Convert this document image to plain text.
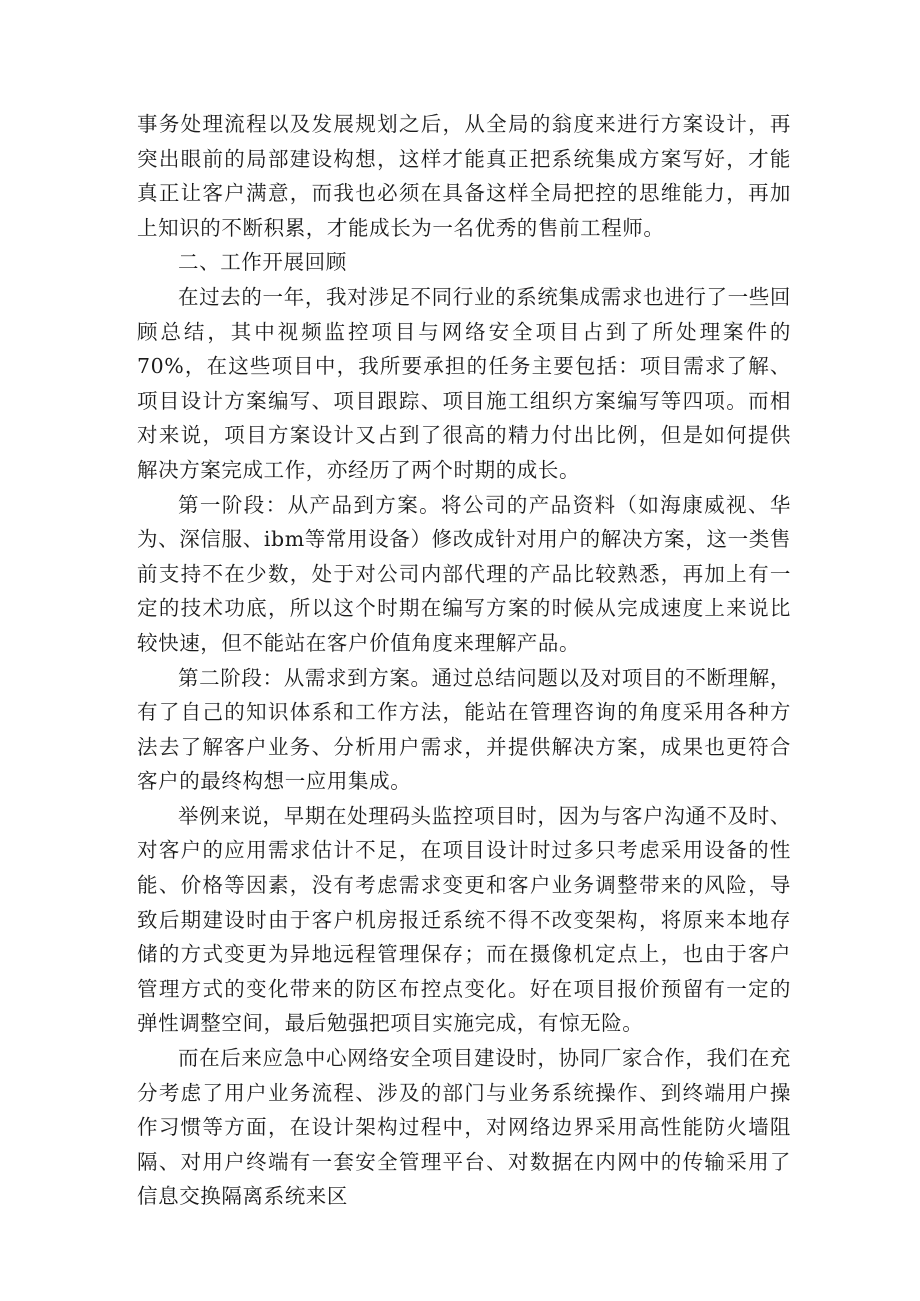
事务处理流程以及发展规划之后，从全局的翁度来进行方案设计，再突出眼前的局部建设构想，这样才能真正把系统集成方案写好，才能真正让客户满意，而我也必须在具备这样全局把控的思维能力，再加上知识的不断积累，才能成长为一名优秀的售前工程师。

二、工作开展回顾

在过去的一年，我对涉足不同行业的系统集成需求也进行了一些回顾总结，其中视频监控项目与网络安全项目占到了所处理案件的70%，在这些项目中，我所要承担的任务主要包括：项目需求了解、项目设计方案编写、项目跟踪、项目施工组织方案编写等四项。而相对来说，项目方案设计又占到了很高的精力付出比例，但是如何提供解决方案完成工作，亦经历了两个时期的成长。

第一阶段：从产品到方案。将公司的产品资料（如海康威视、华为、深信服、ibm等常用设备）修改成针对用户的解决方案，这一类售前支持不在少数，处于对公司内部代理的产品比较熟悉，再加上有一定的技术功底，所以这个时期在编写方案的时候从完成速度上来说比较快速，但不能站在客户价值角度来理解产品。

第二阶段：从需求到方案。通过总结问题以及对项目的不断理解，有了自己的知识体系和工作方法，能站在管理咨询的角度采用各种方法去了解客户业务、分析用户需求，并提供解决方案，成果也更符合客户的最终构想一应用集成。

举例来说，早期在处理码头监控项目时，因为与客户沟通不及时、对客户的应用需求估计不足，在项目设计时过多只考虑采用设备的性能、价格等因素，没有考虑需求变更和客户业务调整带来的风险，导致后期建设时由于客户机房报迁系统不得不改变架构，将原来本地存储的方式变更为异地远程管理保存；而在摄像机定点上，也由于客户管理方式的变化带来的防区布控点变化。好在项目报价预留有一定的弹性调整空间，最后勉强把项目实施完成，有惊无险。

而在后来应急中心网络安全项目建设时，协同厂家合作，我们在充分考虑了用户业务流程、涉及的部门与业务系统操作、到终端用户操作习惯等方面，在设计架构过程中，对网络边界采用高性能防火墙阻隔、对用户终端有一套安全管理平台、对数据在内网中的传输采用了信息交换隔离系统来区
